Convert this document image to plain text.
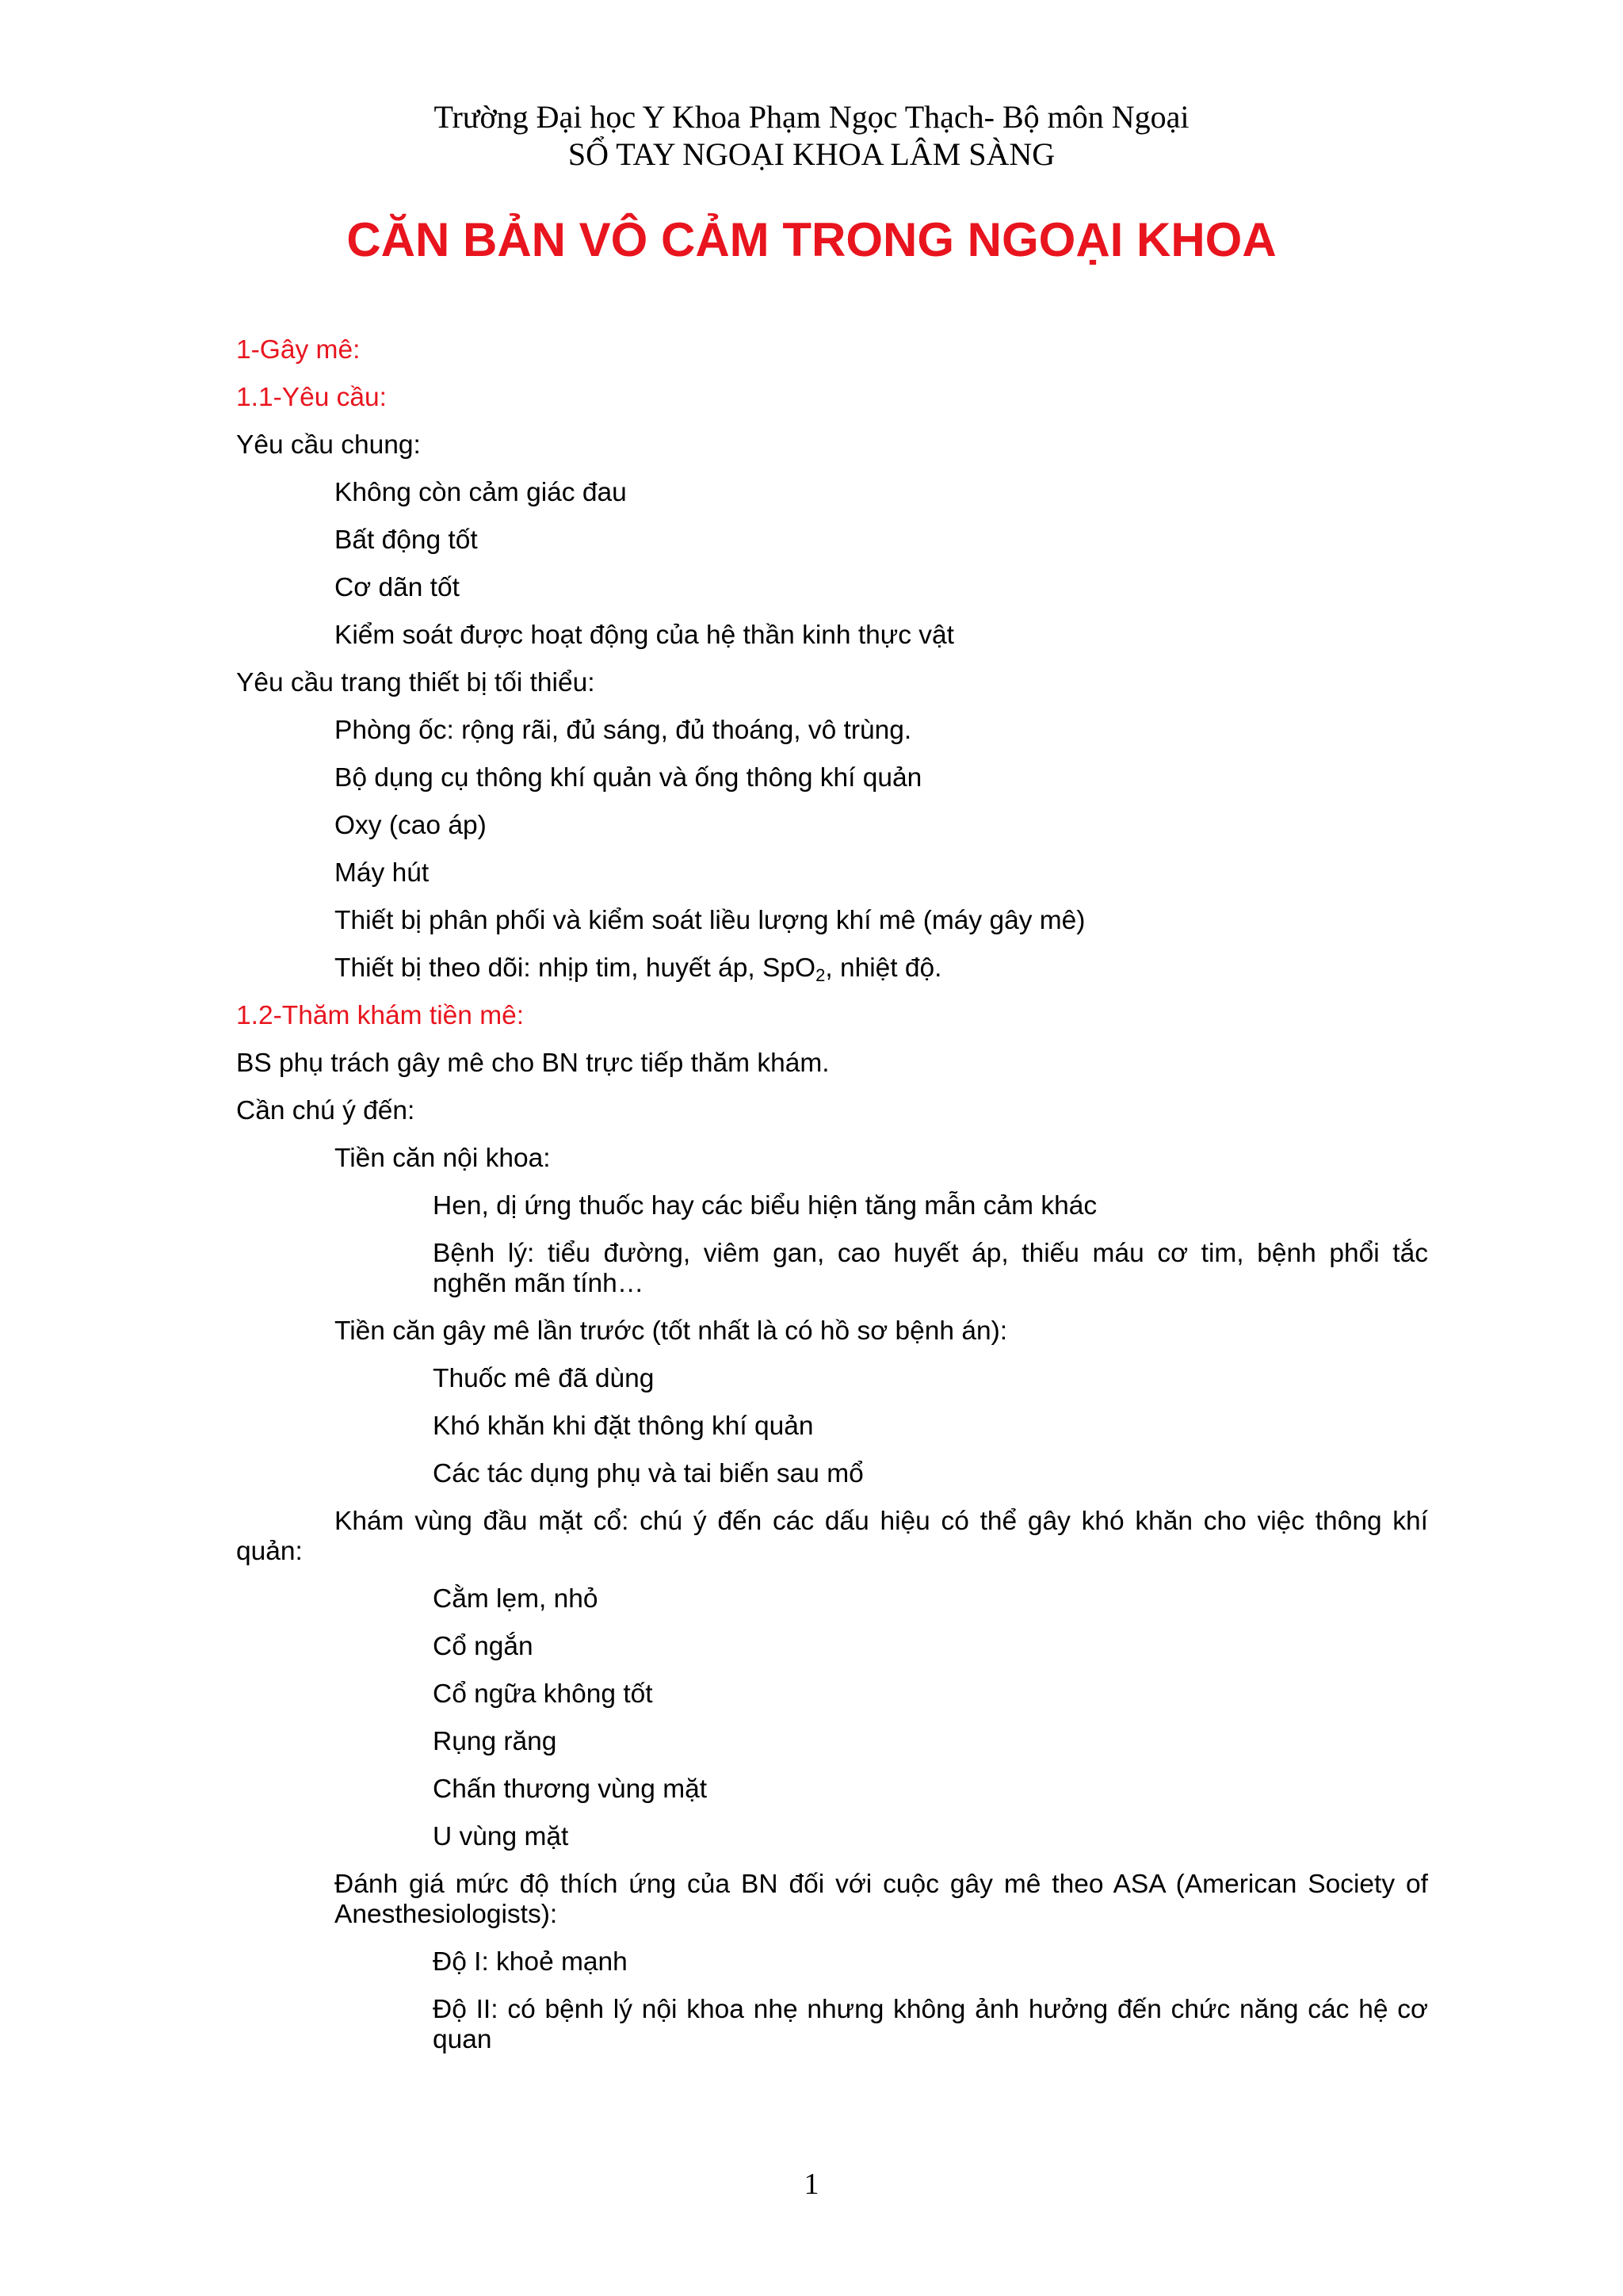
Trường Đại học Y Khoa Phạm Ngọc Thạch- Bộ môn Ngoại
SỔ TAY NGOẠI KHOA LÂM SÀNG
CĂN BẢN VÔ CẢM TRONG NGOẠI KHOA
1-Gây mê:
1.1-Yêu cầu:
Yêu cầu chung:
Không còn cảm giác đau
Bất động tốt
Cơ dãn tốt
Kiểm soát được hoạt động của hệ thần kinh thực vật
Yêu cầu trang thiết bị tối thiểu:
Phòng ốc: rộng rãi, đủ sáng, đủ thoáng, vô trùng.
Bộ dụng cụ thông khí quản và ống thông khí quản
Oxy (cao áp)
Máy hút
Thiết bị phân phối và kiểm soát liều lượng khí mê (máy gây mê)
Thiết bị theo dõi: nhịp tim, huyết áp, SpO$_2$, nhiệt độ.
1.2-Thăm khám tiền mê:
BS phụ trách gây mê cho BN trực tiếp thăm khám.
Cần chú ý đến:
Tiền căn nội khoa:
Hen, dị ứng thuốc hay các biểu hiện tăng mẫn cảm khác
Bệnh lý: tiểu đường, viêm gan, cao huyết áp, thiếu máu cơ tim, bệnh phổi tắc
nghẽn mãn tính…
Tiền căn gây mê lần trước (tốt nhất là có hồ sơ bệnh án):
Thuốc mê đã dùng
Khó khăn khi đặt thông khí quản
Các tác dụng phụ và tai biến sau mổ
Khám vùng đầu mặt cổ: chú ý đến các dấu hiệu có thể gây khó khăn cho việc thông khí
quản:
Cằm lẹm, nhỏ
Cổ ngắn
Cổ ngữa không tốt
Rụng răng
Chấn thương vùng mặt
U vùng mặt
Đánh giá mức độ thích ứng của BN đối với cuộc gây mê theo ASA (American Society of
Anesthesiologists):
Độ I: khoẻ mạnh
Độ II: có bệnh lý nội khoa nhẹ nhưng không ảnh hưởng đến chức năng các hệ cơ
quan
1
